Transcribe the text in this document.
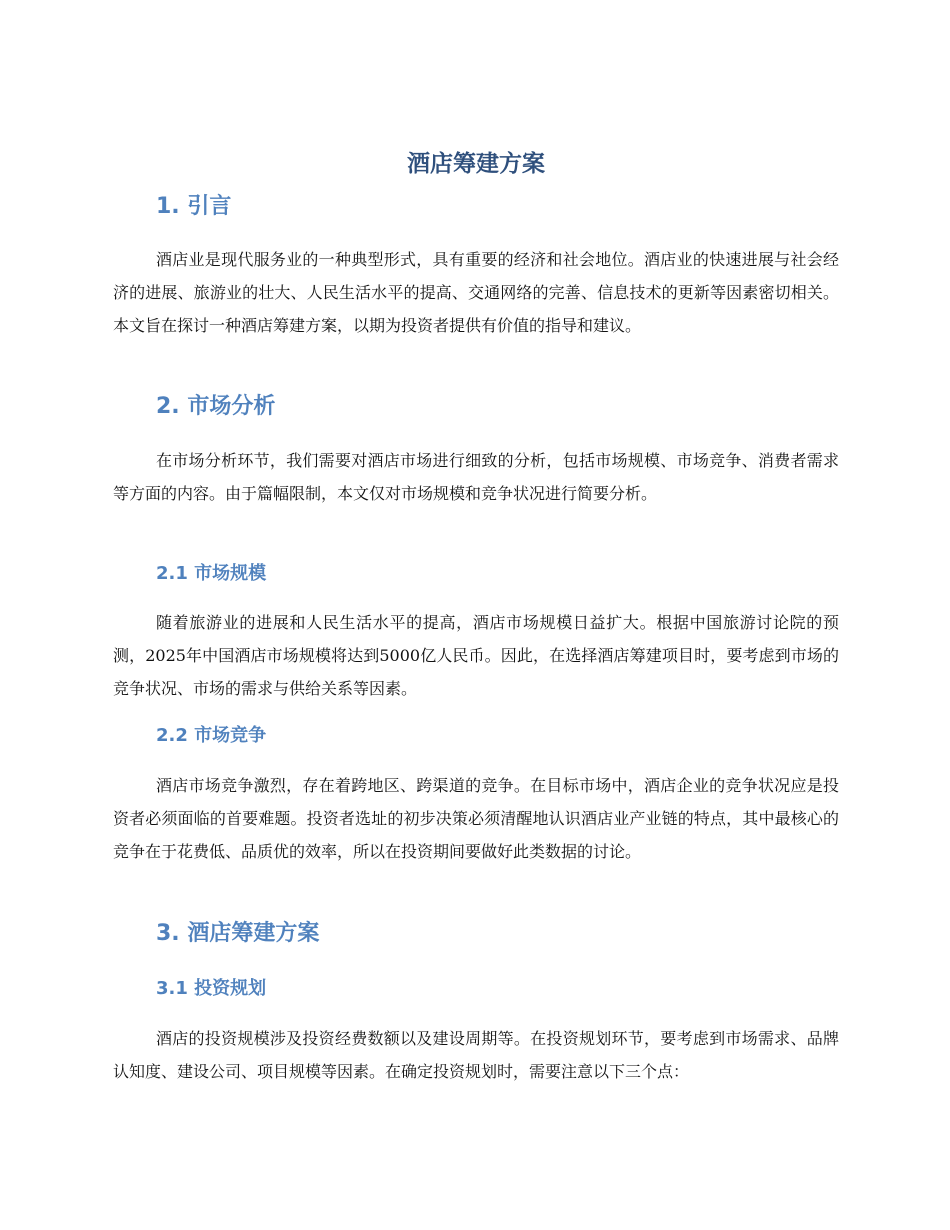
酒店筹建方案
1. 引言

酒店业是现代服务业的一种典型形式，具有重要的经济和社会地位。酒店业的快速进展与社会经济的进展、旅游业的壮大、人民生活水平的提高、交通网络的完善、信息技术的更新等因素密切相关。本文旨在探讨一种酒店筹建方案，以期为投资者提供有价值的指导和建议。

2. 市场分析

在市场分析环节，我们需要对酒店市场进行细致的分析，包括市场规模、市场竞争、消费者需求等方面的内容。由于篇幅限制，本文仅对市场规模和竞争状况进行简要分析。

2.1 市场规模

随着旅游业的进展和人民生活水平的提高，酒店市场规模日益扩大。根据中国旅游讨论院的预测，2025年中国酒店市场规模将达到5000亿人民币。因此，在选择酒店筹建项目时，要考虑到市场的竞争状况、市场的需求与供给关系等因素。

2.2 市场竞争

酒店市场竞争激烈，存在着跨地区、跨渠道的竞争。在目标市场中，酒店企业的竞争状况应是投资者必须面临的首要难题。投资者选址的初步决策必须清醒地认识酒店业产业链的特点，其中最核心的竞争在于花费低、品质优的效率，所以在投资期间要做好此类数据的讨论。

3. 酒店筹建方案
3.1 投资规划

酒店的投资规模涉及投资经费数额以及建设周期等。在投资规划环节，要考虑到市场需求、品牌认知度、建设公司、项目规模等因素。在确定投资规划时，需要注意以下三个点：
